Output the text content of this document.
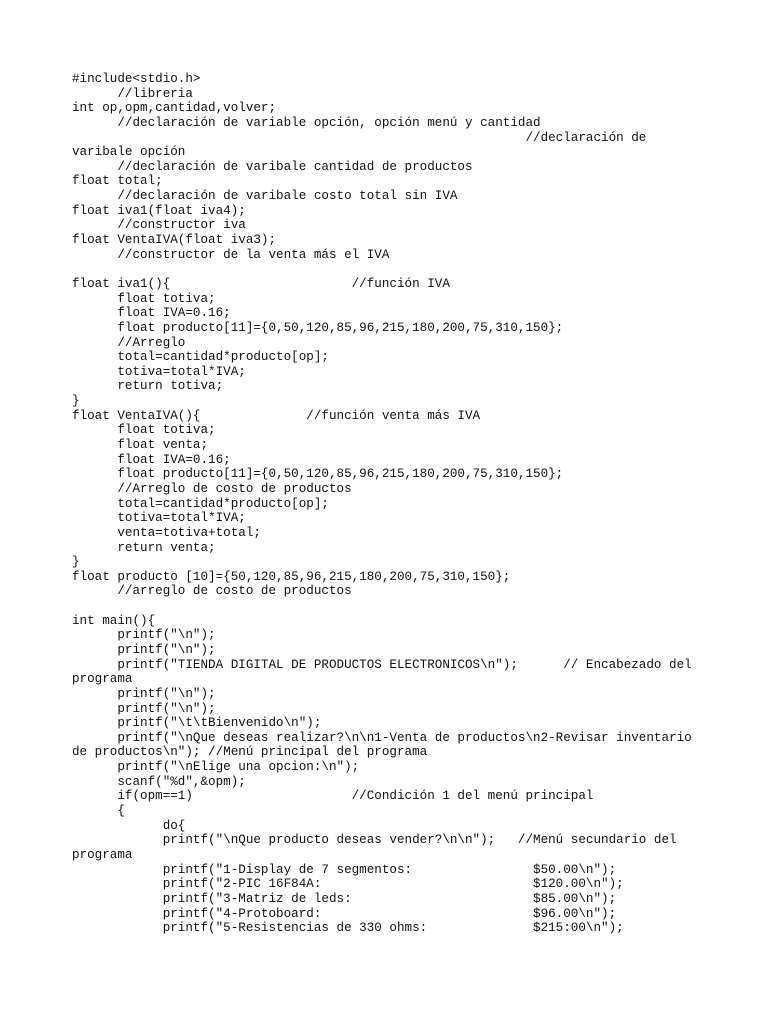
#include<stdio.h>
//libreria
int op,opm,cantidad,volver;
//declaración de variable opción, opción menú y cantidad
//declaración de
varibale opción
//declaración de varibale cantidad de productos
float total;
//declaración de varibale costo total sin IVA
float iva1(float iva4);
//constructor iva
float VentaIVA(float iva3);
//constructor de la venta más el IVA

float iva1(){                        //función IVA
float totiva;
float IVA=0.16;
float producto[11]={0,50,120,85,96,215,180,200,75,310,150};
//Arreglo
total=cantidad*producto[op];
totiva=total*IVA;
return totiva;
}
float VentaIVA(){              //función venta más IVA
float totiva;
float venta;
float IVA=0.16;
float producto[11]={0,50,120,85,96,215,180,200,75,310,150};
//Arreglo de costo de productos
total=cantidad*producto[op];
totiva=total*IVA;
venta=totiva+total;
return venta;
}
float producto [10]={50,120,85,96,215,180,200,75,310,150};
//arreglo de costo de productos

int main(){
printf("\n");
printf("\n");
printf("TIENDA DIGITAL DE PRODUCTOS ELECTRONICOS\n");      // Encabezado del
programa
printf("\n");
printf("\n");
printf("\t\tBienvenido\n");
printf("\nQue deseas realizar?\n\n1-Venta de productos\n2-Revisar inventario
de productos\n"); //Menú principal del programa
printf("\nElige una opcion:\n");
scanf("%d",&opm);
if(opm==1)                     //Condición 1 del menú principal
{
do{
printf("\nQue producto deseas vender?\n\n");   //Menú secundario del
programa
printf("1-Display de 7 segmentos:                $50.00\n");
printf("2-PIC 16F84A:                            $120.00\n");
printf("3-Matriz de leds:                        $85.00\n");
printf("4-Protoboard:                            $96.00\n");
printf("5-Resistencias de 330 ohms:              $215:00\n");
